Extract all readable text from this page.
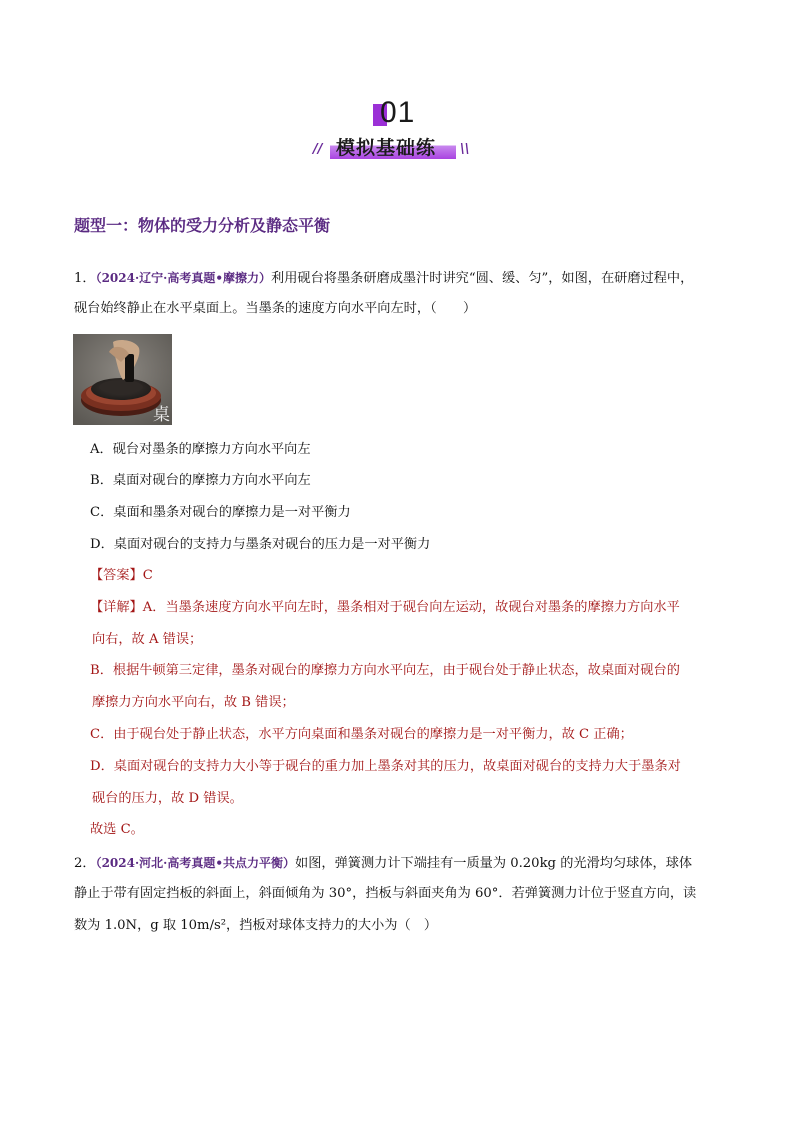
01
// 模拟基础练 \\
题型一：物体的受力分析及静态平衡
1．（2024·辽宁·高考真题•摩擦力）利用砚台将墨条研磨成墨汁时讲究“圆、缓、匀”，如图，在研磨过程中，
砚台始终静止在水平桌面上。当墨条的速度方向水平向左时，（　　）
桌
A．砚台对墨条的摩擦力方向水平向左
B．桌面对砚台的摩擦力方向水平向左
C．桌面和墨条对砚台的摩擦力是一对平衡力
D．桌面对砚台的支持力与墨条对砚台的压力是一对平衡力
【答案】C
【详解】A．当墨条速度方向水平向左时，墨条相对于砚台向左运动，故砚台对墨条的摩擦力方向水平
向右，故 A 错误；
B．根据牛顿第三定律，墨条对砚台的摩擦力方向水平向左，由于砚台处于静止状态，故桌面对砚台的
摩擦力方向水平向右，故 B 错误；
C．由于砚台处于静止状态，水平方向桌面和墨条对砚台的摩擦力是一对平衡力，故 C 正确；
D．桌面对砚台的支持力大小等于砚台的重力加上墨条对其的压力，故桌面对砚台的支持力大于墨条对
砚台的压力，故 D 错误。
故选 C。
2．（2024·河北·高考真题•共点力平衡）如图，弹簧测力计下端挂有一质量为 0.20kg 的光滑均匀球体，球体
静止于带有固定挡板的斜面上，斜面倾角为 30°，挡板与斜面夹角为 60°．若弹簧测力计位于竖直方向，读
数为 1.0N，g 取 10m/s²，挡板对球体支持力的大小为（　）
